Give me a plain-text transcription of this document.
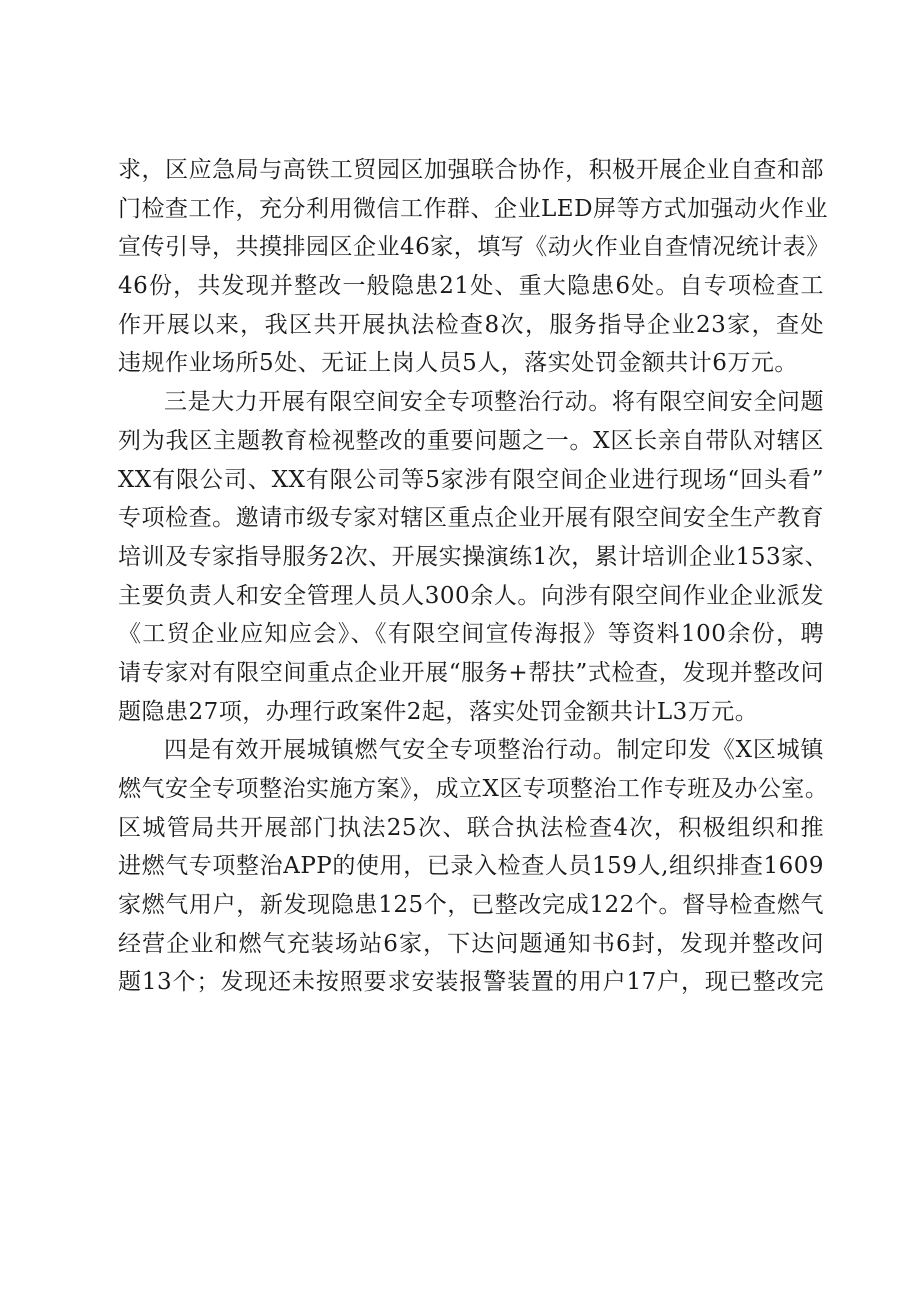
求，区应急局与高铁工贸园区加强联合协作，积极开展企业自查和部
门检查工作，充分利用微信工作群、企业LED屏等方式加强动火作业
宣传引导，共摸排园区企业46家，填写《动火作业自查情况统计表》
46份，共发现并整改一般隐患21处、重大隐患6处。自专项检查工
作开展以来，我区共开展执法检查8次，服务指导企业23家，查处
违规作业场所5处、无证上岗人员5人，落实处罚金额共计6万元。
三是大力开展有限空间安全专项整治行动。将有限空间安全问题
列为我区主题教育检视整改的重要问题之一。X区长亲自带队对辖区
XX有限公司、XX有限公司等5家涉有限空间企业进行现场“回头看”
专项检查。邀请市级专家对辖区重点企业开展有限空间安全生产教育
培训及专家指导服务2次、开展实操演练1次，累计培训企业153家、
主要负责人和安全管理人员人300余人。向涉有限空间作业企业派发
《工贸企业应知应会》、《有限空间宣传海报》等资料100余份，聘
请专家对有限空间重点企业开展“服务+帮扶”式检查，发现并整改问
题隐患27项，办理行政案件2起，落实处罚金额共计L3万元。
四是有效开展城镇燃气安全专项整治行动。制定印发《X区城镇
燃气安全专项整治实施方案》，成立X区专项整治工作专班及办公室。
区城管局共开展部门执法25次、联合执法检查4次，积极组织和推
进燃气专项整治APP的使用，已录入检查人员159人,组织排查1609
家燃气用户，新发现隐患125个，已整改完成122个。督导检查燃气
经营企业和燃气充装场站6家，下达问题通知书6封，发现并整改问
题13个；发现还未按照要求安装报警装置的用户17户，现已整改完
